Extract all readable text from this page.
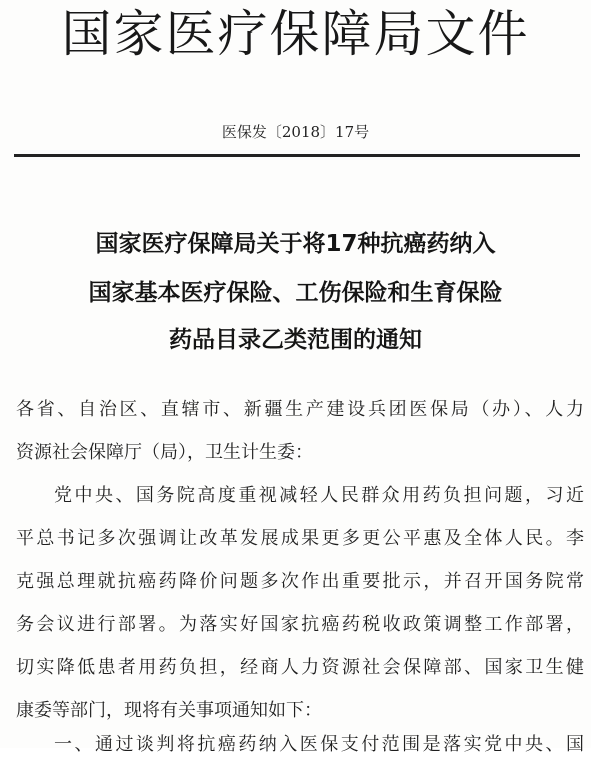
国家医疗保障局文件
医保发〔2018〕17号
国家医疗保障局关于将17种抗癌药纳入
国家基本医疗保险、工伤保险和生育保险
药品目录乙类范围的通知
各省、自治区、直辖市、新疆生产建设兵团医保局（办）、人力
资源社会保障厅（局），卫生计生委：
党中央、国务院高度重视减轻人民群众用药负担问题，习近
平总书记多次强调让改革发展成果更多更公平惠及全体人民。李
克强总理就抗癌药降价问题多次作出重要批示，并召开国务院常
务会议进行部署。为落实好国家抗癌药税收政策调整工作部署，
切实降低患者用药负担，经商人力资源社会保障部、国家卫生健
康委等部门，现将有关事项通知如下：
一、通过谈判将抗癌药纳入医保支付范围是落实党中央、国
